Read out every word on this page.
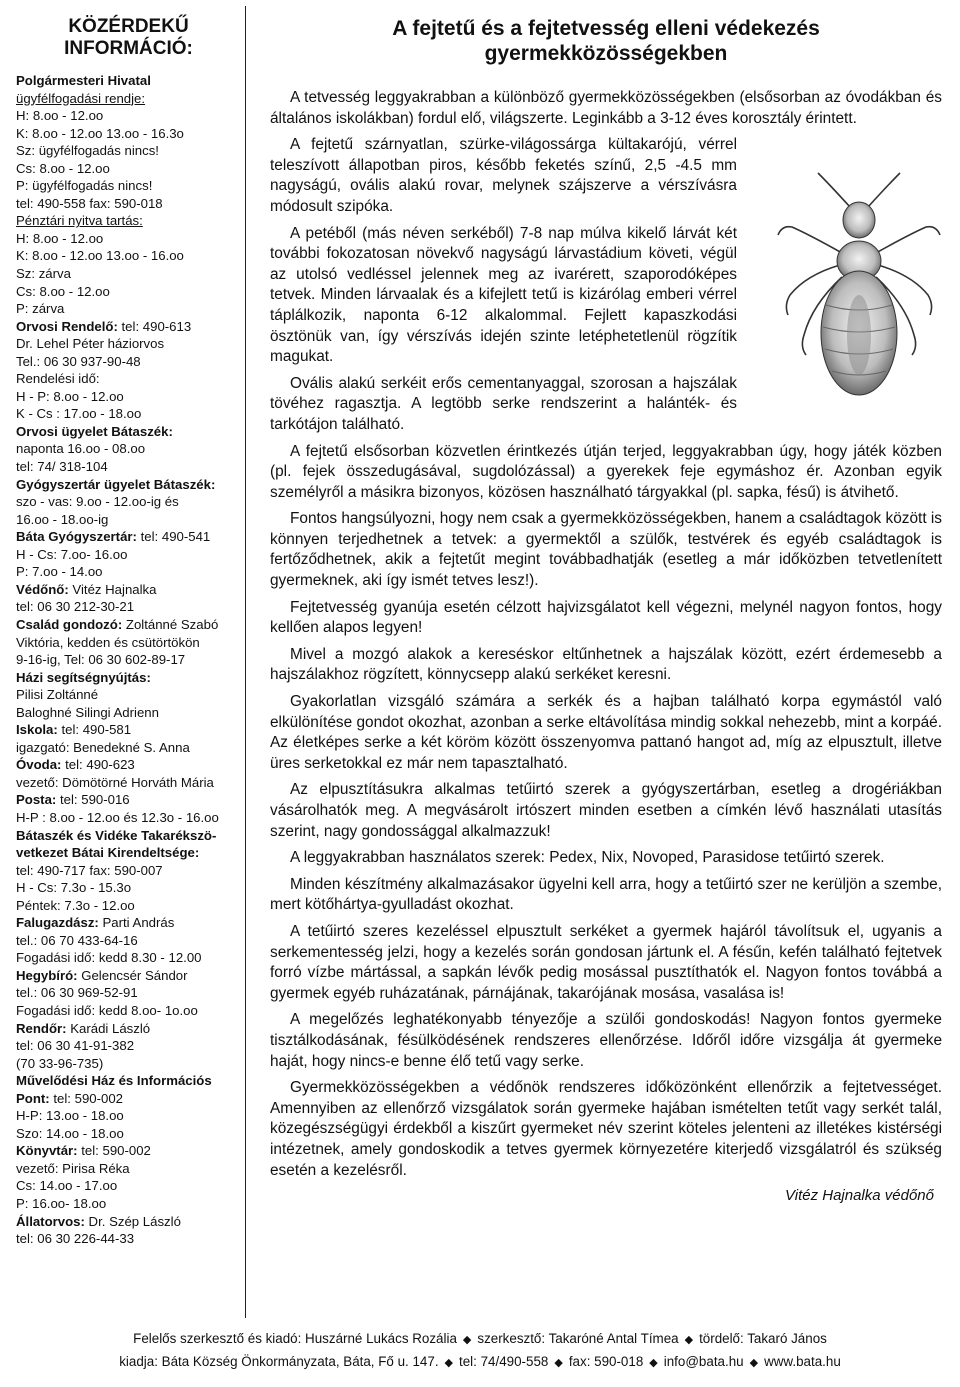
KÖZÉRDEKŰ
INFORMÁCIÓ:
Polgármesteri Hivatal
ügyfélfogadási rendje:
H: 8.oo - 12.oo
K: 8.oo - 12.oo 13.oo - 16.3o
Sz: ügyfélfogadás nincs!
Cs: 8.oo - 12.oo
P: ügyfélfogadás nincs!
tel: 490-558 fax: 590-018
Pénztári nyitva tartás:
H: 8.oo - 12.oo
K: 8.oo - 12.oo 13.oo - 16.oo
Sz: zárva
Cs: 8.oo - 12.oo
P: zárva
Orvosi Rendelő: tel: 490-613
Dr. Lehel Péter háziorvos
Tel.: 06 30 937-90-48
Rendelési idő:
H - P: 8.oo - 12.oo
K - Cs : 17.oo - 18.oo
Orvosi ügyelet Bátaszék:
naponta 16.oo - 08.oo
tel: 74/ 318-104
Gyógyszertár ügyelet Bátaszék:
szo - vas: 9.oo - 12.oo-ig és
16.oo - 18.oo-ig
Báta Gyógyszertár: tel: 490-541
H - Cs: 7.oo- 16.oo
P: 7.oo - 14.oo
Védőnő: Vitéz Hajnalka
tel: 06 30 212-30-21
Család gondozó: Zoltánné Szabó
Viktória, kedden és csütörtökön
9-16-ig, Tel: 06 30 602-89-17
Házi segítségnyújtás:
Pilisi Zoltánné
Baloghné Silingi Adrienn
Iskola: tel: 490-581
igazgató: Benedekné S. Anna
Óvoda: tel: 490-623
vezető: Dömötörné Horváth Mária
Posta: tel: 590-016
H-P : 8.oo - 12.oo és 12.3o - 16.oo
Bátaszék és Vidéke Takarékszö-
vetkezet Bátai Kirendeltsége:
tel: 490-717 fax: 590-007
H - Cs: 7.3o - 15.3o
Péntek: 7.3o - 12.oo
Falugazdász: Parti András
tel.: 06 70 433-64-16
Fogadási idő: kedd 8.30 - 12.00
Hegybíró: Gelencsér Sándor
tel.: 06 30 969-52-91
Fogadási idő: kedd 8.oo- 1o.oo
Rendőr: Karádi László
tel: 06 30 41-91-382
(70 33-96-735)
Művelődési Ház és Információs
Pont: tel: 590-002
H-P: 13.oo - 18.oo
Szo: 14.oo - 18.oo
Könyvtár: tel: 590-002
vezető: Pirisa Réka
Cs: 14.oo - 17.oo
P: 16.oo- 18.oo
Állatorvos: Dr. Szép László
tel: 06 30 226-44-33
A fejtetű és a fejtetvesség elleni védekezés
gyermekközösségekben

A tetvesség leggyakrabban a különböző gyermekközösségekben (elsősorban az óvodákban és általános iskolákban) fordul elő, világszerte. Leginkább a 3-12 éves korosztály érintett.

A fejtetű szárnyatlan, szürke-világossárga kültakarójú, vérrel teleszívott állapotban piros, később feketés színű, 2,5 -4.5 mm nagyságú, ovális alakú rovar, melynek szájszerve a vérszívásra módosult szipóka.

A petéből (más néven serkéből) 7-8 nap múlva kikelő lárvát két további fokozatosan növekvő nagyságú lárvastádium követi, végül az utolsó vedléssel jelennek meg az ivarérett, szaporodóképes tetvek. Minden lárvaalak és a kifejlett tetű is kizárólag emberi vérrel táplálkozik, naponta 6-12 alkalommal. Fejlett kapaszkodási ösztönük van, így vérszívás idején szinte letéphetetlenül rögzítik magukat.

Ovális alakú serkéit erős cementanyaggal, szorosan a hajszálak tövéhez ragasztja. A legtöbb serke rendszerint a halánték- és tarkótájon található.

A fejtetű elsősorban közvetlen érintkezés útján terjed, leggyakrabban úgy, hogy játék közben (pl. fejek összedugásával, sugdolózással) a gyerekek feje egymáshoz ér. Azonban egyik személyről a másikra bizonyos, közösen használható tárgyakkal (pl. sapka, fésű) is átvihető.

Fontos hangsúlyozni, hogy nem csak a gyermekközösségekben, hanem a családtagok között is könnyen terjedhetnek a tetvek: a gyermektől a szülők, testvérek és egyéb családtagok is fertőződhetnek, akik a fejtetűt megint továbbadhatják (esetleg a már időközben tetvetlenített gyermeknek, aki így ismét tetves lesz!).

Fejtetvesség gyanúja esetén célzott hajvizsgálatot kell végezni, melynél nagyon fontos, hogy kellően alapos legyen!

Mivel a mozgó alakok a kereséskor eltűnhetnek a hajszálak között, ezért érdemesebb a hajszálakhoz rögzített, könnycsepp alakú serkéket keresni.

Gyakorlatlan vizsgáló számára a serkék és a hajban található korpa egymástól való elkülönítése gondot okozhat, azonban a serke eltávolítása mindig sokkal nehezebb, mint a korpáé. Az életképes serke a két köröm között összenyomva pattanó hangot ad, míg az elpusztult, illetve üres serketokkal ez már nem tapasztalható.

Az elpusztításukra alkalmas tetűirtó szerek a gyógyszertárban, esetleg a drogériákban vásárolhatók meg. A megvásárolt irtószert minden esetben a címkén lévő használati utasítás szerint, nagy gondossággal alkalmazzuk!

A leggyakrabban használatos szerek: Pedex, Nix, Novoped, Parasidose tetűirtó szerek.

Minden készítmény alkalmazásakor ügyelni kell arra, hogy a tetűirtó szer ne kerüljön a szembe, mert kötőhártya-gyulladást okozhat.

A tetűirtó szeres kezeléssel elpusztult serkéket a gyermek hajáról távolítsuk el, ugyanis a serkementesség jelzi, hogy a kezelés során gondosan jártunk el. A fésűn, kefén található fejtetvek forró vízbe mártással, a sapkán lévők pedig mosással pusztíthatók el. Nagyon fontos továbbá a gyermek egyéb ruházatának, párnájának, takarójának mosása, vasalása is!

A megelőzés leghatékonyabb tényezője a szülői gondoskodás! Nagyon fontos gyermeke tisztálkodásának, fésülködésének rendszeres ellenőrzése. Időről időre vizsgálja át gyermeke haját, hogy nincs-e benne élő tetű vagy serke.

Gyermekközösségekben a védőnök rendszeres időközönként ellenőrzik a fejtetvességet. Amennyiben az ellenőrző vizsgálatok során gyermeke hajában ismételten tetűt vagy serkét talál, közegészségügyi érdekből a kiszűrt gyermeket név szerint köteles jelenteni az illetékes kistérségi intézetnek, amely gondoskodik a tetves gyermek környezetére kiterjedő vizsgálatról és szükség esetén a kezelésről.

Vitéz Hajnalka védőnő
Felelős szerkesztő és kiadó: Huszárné Lukács Rozália ◆ szerkesztő: Takaróné Antal Tímea ◆ tördelő: Takaró János
kiadja: Báta Község Önkormányzata, Báta, Fő u. 147. ◆ tel: 74/490-558 ◆ fax: 590-018 ◆ info@bata.hu ◆ www.bata.hu
